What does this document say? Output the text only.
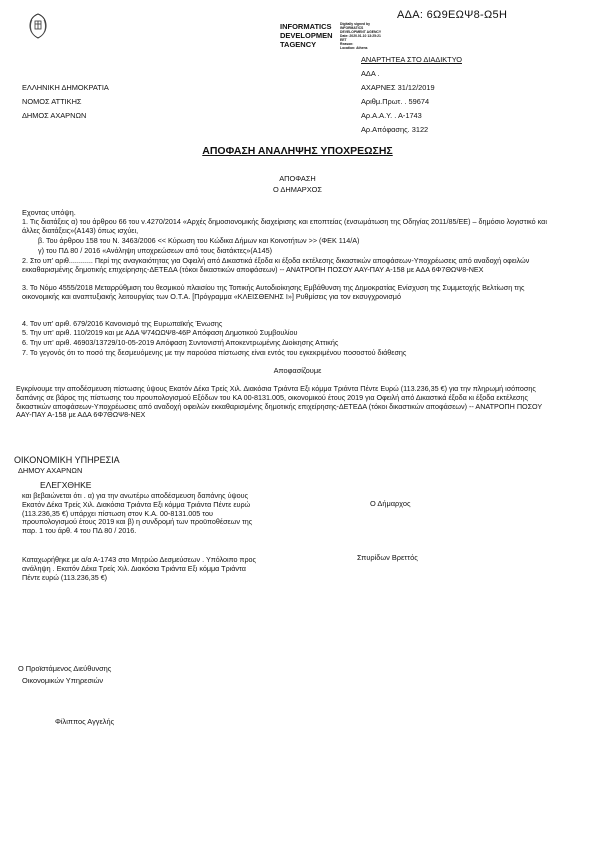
ΑΔΑ: 6Ω9ΕΩΨ8-Ω5Η
INFORMATICS
DEVELOPMEN
TAGENCY
Digitally signed by
INFORMATICS
DEVELOPMENT AGENCY
Date: 2020.01.10 13:25:21
EET
Reason:
Location: Athens
ΕΛΛΗΝΙΚΗ ΔΗΜΟΚΡΑΤΙΑ
ΝΟΜΟΣ ΑΤΤΙΚΗΣ
ΔΗΜΟΣ ΑΧΑΡΝΩΝ
ΑΝΑΡΤΗΤΕΑ ΣΤΟ ΔΙΑΔΙΚΤΥΟ
ΑΔΑ .
ΑΧΑΡΝΕΣ 31/12/2019
Αριθμ.Πρωτ. . 59674
Αρ.Α.Α.Υ. . Α-1743
Αρ.Απόφασης. 3122
ΑΠΟΦΑΣΗ ΑΝΑΛΗΨΗΣ ΥΠΟΧΡΕΩΣΗΣ
ΑΠΟΦΑΣΗ
Ο ΔΗΜΑΡΧΟΣ
Εχοντας υπόψη.
1. Τις διατάξεις α) του άρθρου 66 του ν.4270/2014 «Αρχές δημοσιονομικής διαχείρισης και εποπτείας (ενσωμάτωση της Οδηγίας 2011/85/ΕΕ) – δημόσιο λογιστικό και άλλες διατάξεις»(Α143) όπως ισχύει,
β. Του άρθρου 158 του Ν. 3463/2006 << Κύρωση του Κώδικα Δήμων και Κοινοτήτων >> (ΦΕΚ 114/Α)
γ) του ΠΔ 80 / 2016 «Ανάληψη υποχρεώσεων από τους διατάκτες»(Α145)
2. Στο υπ' αριθ............ Περί της αναγκαιότητας για Οφειλή από Δικαστικά έξοδα κι έξοδα εκτέλεσης δικαστικών αποφάσεων-Υποχρέωσεις από αναδοχή οφειλών εκκαθαρισμένης δημοτικής επιχείρησης-ΔΕΤΕΔΑ (τόκοι δικαστικών αποφάσεων) -- ΑΝΑΤΡΟΠΗ ΠΟΣΟΥ ΑΑΥ-ΠΑΥ Α-158 με ΑΔΑ 6Φ7ΘΩΨ8-ΝΕΧ
3. Το Νόμο 4555/2018 Μεταρρύθμιση του θεσμικού πλαισίου της Τοπικής Αυτοδιοίκησης Εμβάθυνση της Δημοκρατίας Ενίσχυση της Συμμετοχής Βελτίωση της οικονομικής και αναπτυξιακής λειτουργίας των Ο.Τ.Α. [Πρόγραμμα «ΚΛΕΙΣΘΕΝΗΣ Ι»] Ρυθμίσεις για τον εκσυγχρονισμό
4. Τον υπ' αριθ. 679/2016 Κανονισμό της Ευρωπαϊκής Ένωσης
5. Την υπ' αριθ. 110/2019 και με ΑΔΑ Ψ74ΩΩΨ8-46Ρ Απόφαση Δημοτικού Συμβουλίου
6. Την υπ' αριθ. 46903/13729/10-05-2019 Απόφαση Συντονιστή Αποκεντρωμένης Διοίκησης Αττικής
7. Το γεγονός ότι το ποσό της δεσμευόμενης με την παρούσα πίστωσης είναι εντός του εγκεκριμένου ποσοστού διάθεσης
Αποφασίζουμε
Εγκρίνουμε την αποδέσμευση πίστωσης ύψους Εκατόν Δέκα Τρείς Χιλ. Διακόσια Τριάντα Εξι κόμμα Τριάντα Πέντε Ευρώ (113.236,35 €) για την πληρωμή ισόποσης δαπάνης σε βάρος της πίστωσης του προυπολογισμού Εξόδων του ΚΑ 00-8131.005, οικονομικού έτους 2019 για Οφειλή από Δικαστικά έξοδα κι έξοδα εκτέλεσης δικαστικών αποφάσεων-Υποχρέωσεις από αναδοχή οφειλών εκκαθαρισμένης δημοτικής επιχείρησης-ΔΕΤΕΔΑ (τόκοι δικαστικών αποφάσεων) -- ΑΝΑΤΡΟΠΗ ΠΟΣΟΥ ΑΑΥ-ΠΑΥ Α-158 με ΑΔΑ 6Φ7ΘΩΨ8-ΝΕΧ
ΟΙΚΟΝΟΜΙΚΗ ΥΠΗΡΕΣΙΑ
ΔΗΜΟΥ ΑΧΑΡΝΩΝ
ΕΛΕΓΧΘΗΚΕ
και βεβαιώνεται ότι . α) για την ανωτέρω αποδέσμευση δαπάνης ύψους Εκατόν Δέκα Τρείς Χιλ. Διακόσια Τριάντα Εξι κόμμα Τριάντα Πέντε ευρώ (113.236,35 €) υπάρχει πίστωση στον Κ.Α. 00-8131.005 του προυπολογισμού έτους 2019 και β) η συνδρομή των προϋποθέσεων της παρ. 1 του άρθ. 4 του ΠΔ 80 / 2016.
Καταχωρήθηκε με α/α Α-1743 στο Μητρώο Δεσμεύσεων . Υπόλοιπο προς ανάληψη . Εκατόν Δέκα Τρείς Χιλ. Διακόσια Τριάντα Εξι κόμμα Τριάντα Πέντε ευρώ (113.236,35 €)
Ο Δήμαρχος
Σπυρίδων Βρεττός
Ο Προϊστάμενος Διεύθυνσης
Οικονομικών Υπηρεσιών
Φίλιππος Αγγελής
